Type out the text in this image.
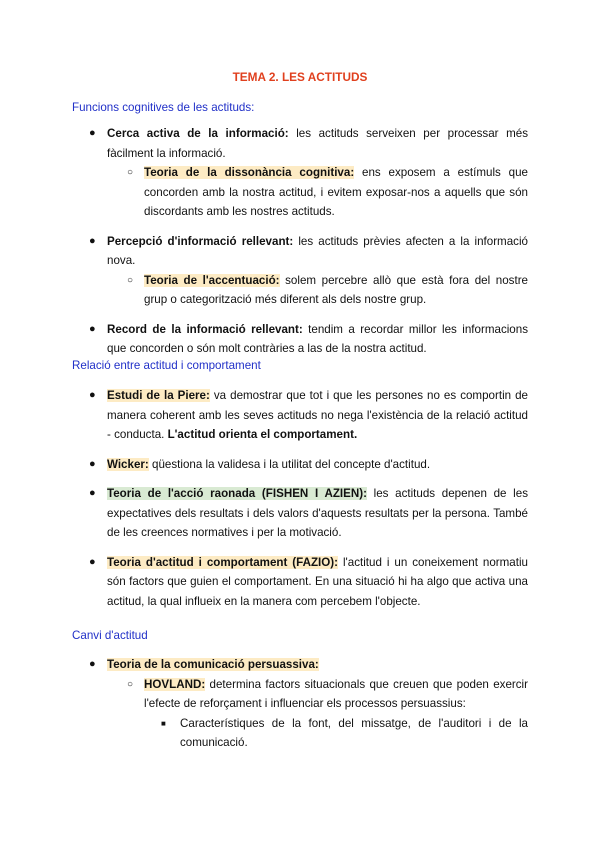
TEMA 2. LES ACTITUDS
Funcions cognitives de les actituds:
● Cerca activa de la informació: les actituds serveixen per processar més fàcilment la informació.
○ Teoria de la dissonància cognitiva: ens exposem a estímuls que concorden amb la nostra actitud, i evitem exposar-nos a aquells que són discordants amb les nostres actituds.
● Percepció d'informació rellevant: les actituds prèvies afecten a la informació nova.
○ Teoria de l'accentuació: solem percebre allò que està fora del nostre grup o categorització més diferent als dels nostre grup.
● Record de la informació rellevant: tendim a recordar millor les informacions que concorden o són molt contràries a las de la nostra actitud.
Relació entre actitud i comportament
● Estudi de la Piere: va demostrar que tot i que les persones no es comportin de manera coherent amb les seves actituds no nega l'existència de la relació actitud - conducta. L'actitud orienta el comportament.
● Wicker: qüestiona la validesa i la utilitat del concepte d'actitud.
● Teoria de l'acció raonada (FISHEN I AZIEN): les actituds depenen de les expectatives dels resultats i dels valors d'aquests resultats per la persona. També de les creences normatives i per la motivació.
● Teoria d'actitud i comportament (FAZIO): l'actitud i un coneixement normatiu són factors que guien el comportament. En una situació hi ha algo que activa una actitud, la qual influeix en la manera com percebem l'objecte.
Canvi d'actitud
● Teoria de la comunicació persuassiva:
○ HOVLAND: determina factors situacionals que creuen que poden exercir l'efecte de reforçament i influenciar els processos persuassius:
■ Característiques de la font, del missatge, de l'auditori i de la comunicació.
